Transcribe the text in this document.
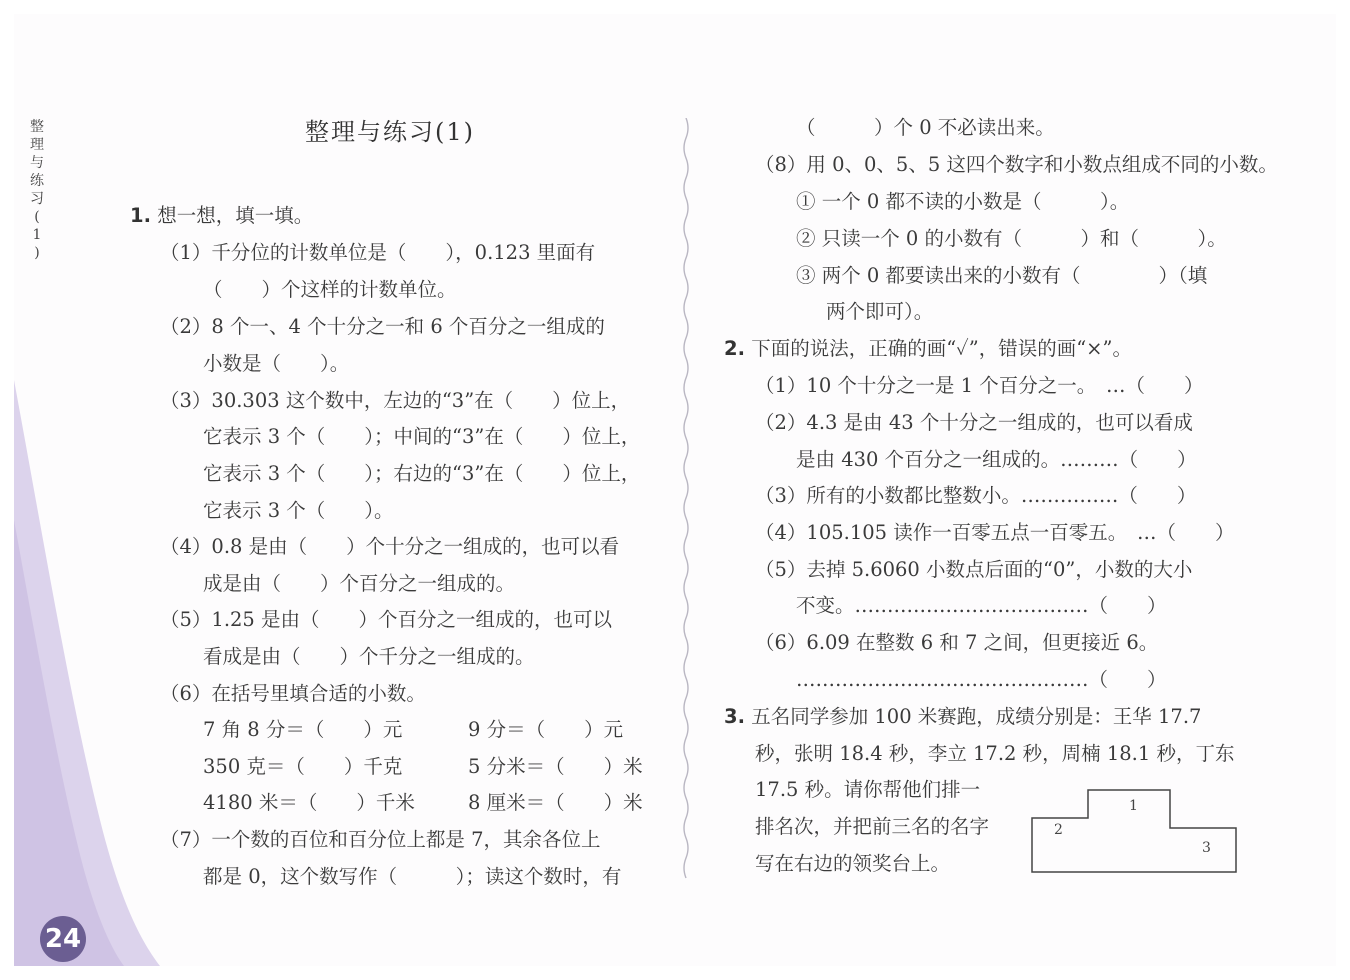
整
理
与
练
习
(
1
)
整理与练习(1)
1. 想一想，填一填。
（1）千分位的计数单位是（　　），0.123 里面有
（　　）个这样的计数单位。
（2）8 个一、4 个十分之一和 6 个百分之一组成的
小数是（　　）。
（3）30.303 这个数中，左边的“3”在（　　）位上，
它表示 3 个（　　）；中间的“3”在（　　）位上，
它表示 3 个（　　）；右边的“3”在（　　）位上，
它表示 3 个（　　）。
（4）0.8 是由（　　）个十分之一组成的，也可以看
成是由（　　）个百分之一组成的。
（5）1.25 是由（　　）个百分之一组成的，也可以
看成是由（　　）个千分之一组成的。
（6）在括号里填合适的小数。
7 角 8 分＝（　　）元	9 分＝（　　）元
350 克＝（　　）千克	5 分米＝（　　）米
4180 米＝（　　）千米	8 厘米＝（　　）米
（7）一个数的百位和百分位上都是 7，其余各位上
都是 0，这个数写作（　　　）；读这个数时，有
（　　　）个 0 不必读出来。
（8）用 0、0、5、5 这四个数字和小数点组成不同的小数。
① 一个 0 都不读的小数是（　　　）。
② 只读一个 0 的小数有（　　　）和（　　　）。
③ 两个 0 都要读出来的小数有（　　　　）（填
两个即可）。
2. 下面的说法，正确的画“✓”，错误的画“×”。
（1）10 个十分之一是 1 个百分之一。　…（　　）
（2）4.3 是由 43 个十分之一组成的，也可以看成
是由 430 个百分之一组成的。………（　　）
（3）所有的小数都比整数小。……………（　　）
（4）105.105 读作一百零五点一百零五。　…（　　）
（5）去掉 5.6060 小数点后面的“0”，小数的大小
不变。………………………………（　　）
（6）6.09 在整数 6 和 7 之间，但更接近 6。
………………………………………（　　）
3. 五名同学参加 100 米赛跑，成绩分别是：王华 17.7
秒，张明 18.4 秒，李立 17.2 秒，周楠 18.1 秒，丁东
17.5 秒。请你帮他们排一
排名次，并把前三名的名字
写在右边的领奖台上。
1
2
3
24
